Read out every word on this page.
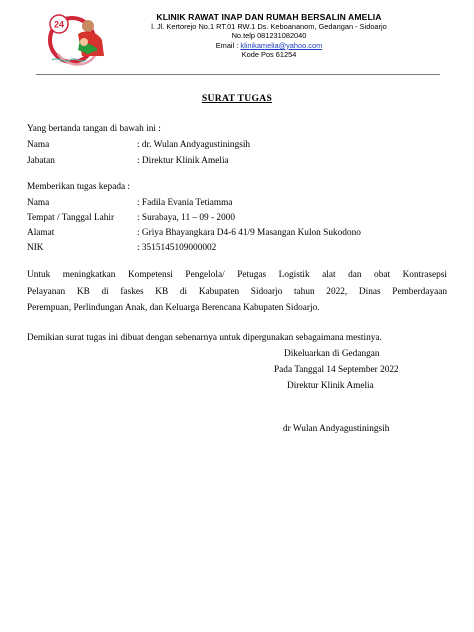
24
KLINIK RAWAT INAP DAN RUMAH BERSALIN AMELIA
l. Jl. Kertorejo No.1 RT.01 RW.1 Ds. Keboananom, Gedangan - Sidoarjo
No.telp 081231082040
Email : klinikamelia@yahoo.com
Kode Pos 61254
SURAT TUGAS
Yang bertanda tangan di bawah ini :
Nama	: dr. Wulan Andyagustiningsih
Jabatan	: Direktur Klinik Amelia
Memberikan tugas kepada :
Nama	: Fadila Evania Tetiamma
Tempat / Tanggal Lahir : Surabaya, 11 – 09 - 2000
Alamat	: Griya Bhayangkara D4-6 41/9 Masangan Kulon Sukodono
NIK	: 3515145109000002
Untuk meningkatkan Kompetensi Pengelola/ Petugas Logistik alat dan obat Kontrasepsi
Pelayanan KB di faskes KB di Kabupaten Sidoarjo tahun 2022, Dinas Pemberdayaan
Perempuan, Perlindungan Anak, dan Keluarga Berencana Kabupaten Sidoarjo.
Demikian surat tugas ini dibuat dengan sebenarnya untuk dipergunakan sebagaimana mestinya.
Dikeluarkan di Gedangan
Pada Tanggal 14 September 2022
Direktur Klinik Amelia
dr Wulan Andyagustiningsih
